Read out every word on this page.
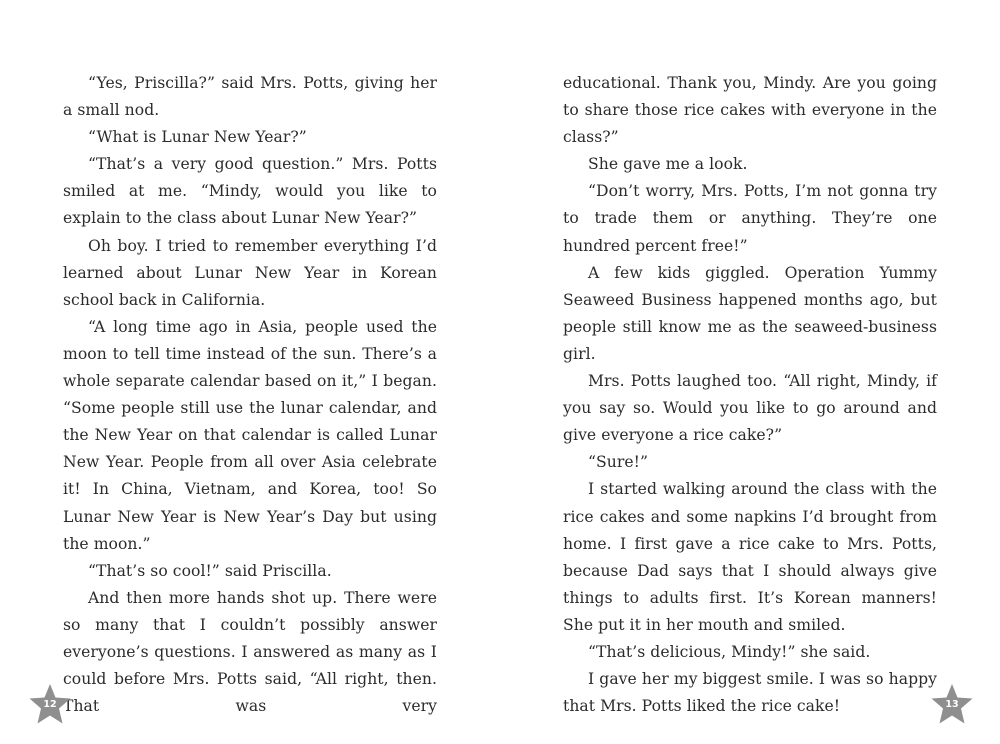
“Yes, Priscilla?” said Mrs. Potts, giving her a small nod.

“What is Lunar New Year?”

“That’s a very good question.” Mrs. Potts smiled at me. “Mindy, would you like to explain to the class about Lunar New Year?”

Oh boy. I tried to remember everything I’d learned about Lunar New Year in Korean school back in California.

“A long time ago in Asia, people used the moon to tell time instead of the sun. There’s a whole separate calendar based on it,” I began. “Some people still use the lunar calendar, and the New Year on that calendar is called Lunar New Year. People from all over Asia celebrate it! In China, Vietnam, and Korea, too! So Lunar New Year is New Year’s Day but using the moon.”

“That’s so cool!” said Priscilla.

And then more hands shot up. There were so many that I couldn’t possibly answer everyone’s questions. I answered as many as I could before Mrs. Potts said, “All right, then. That was very

educational. Thank you, Mindy. Are you going to share those rice cakes with everyone in the class?”

She gave me a look.

“Don’t worry, Mrs. Potts, I’m not gonna try to trade them or anything. They’re one hundred percent free!”

A few kids giggled. Operation Yummy Seaweed Business happened months ago, but people still know me as the seaweed-business girl.

Mrs. Potts laughed too. “All right, Mindy, if you say so. Would you like to go around and give everyone a rice cake?”

“Sure!”

I started walking around the class with the rice cakes and some napkins I’d brought from home. I first gave a rice cake to Mrs. Potts, because Dad says that I should always give things to adults first. It’s Korean manners! She put it in her mouth and smiled.

“That’s delicious, Mindy!” she said.

I gave her my biggest smile. I was so happy that Mrs. Potts liked the rice cake!

12	13
